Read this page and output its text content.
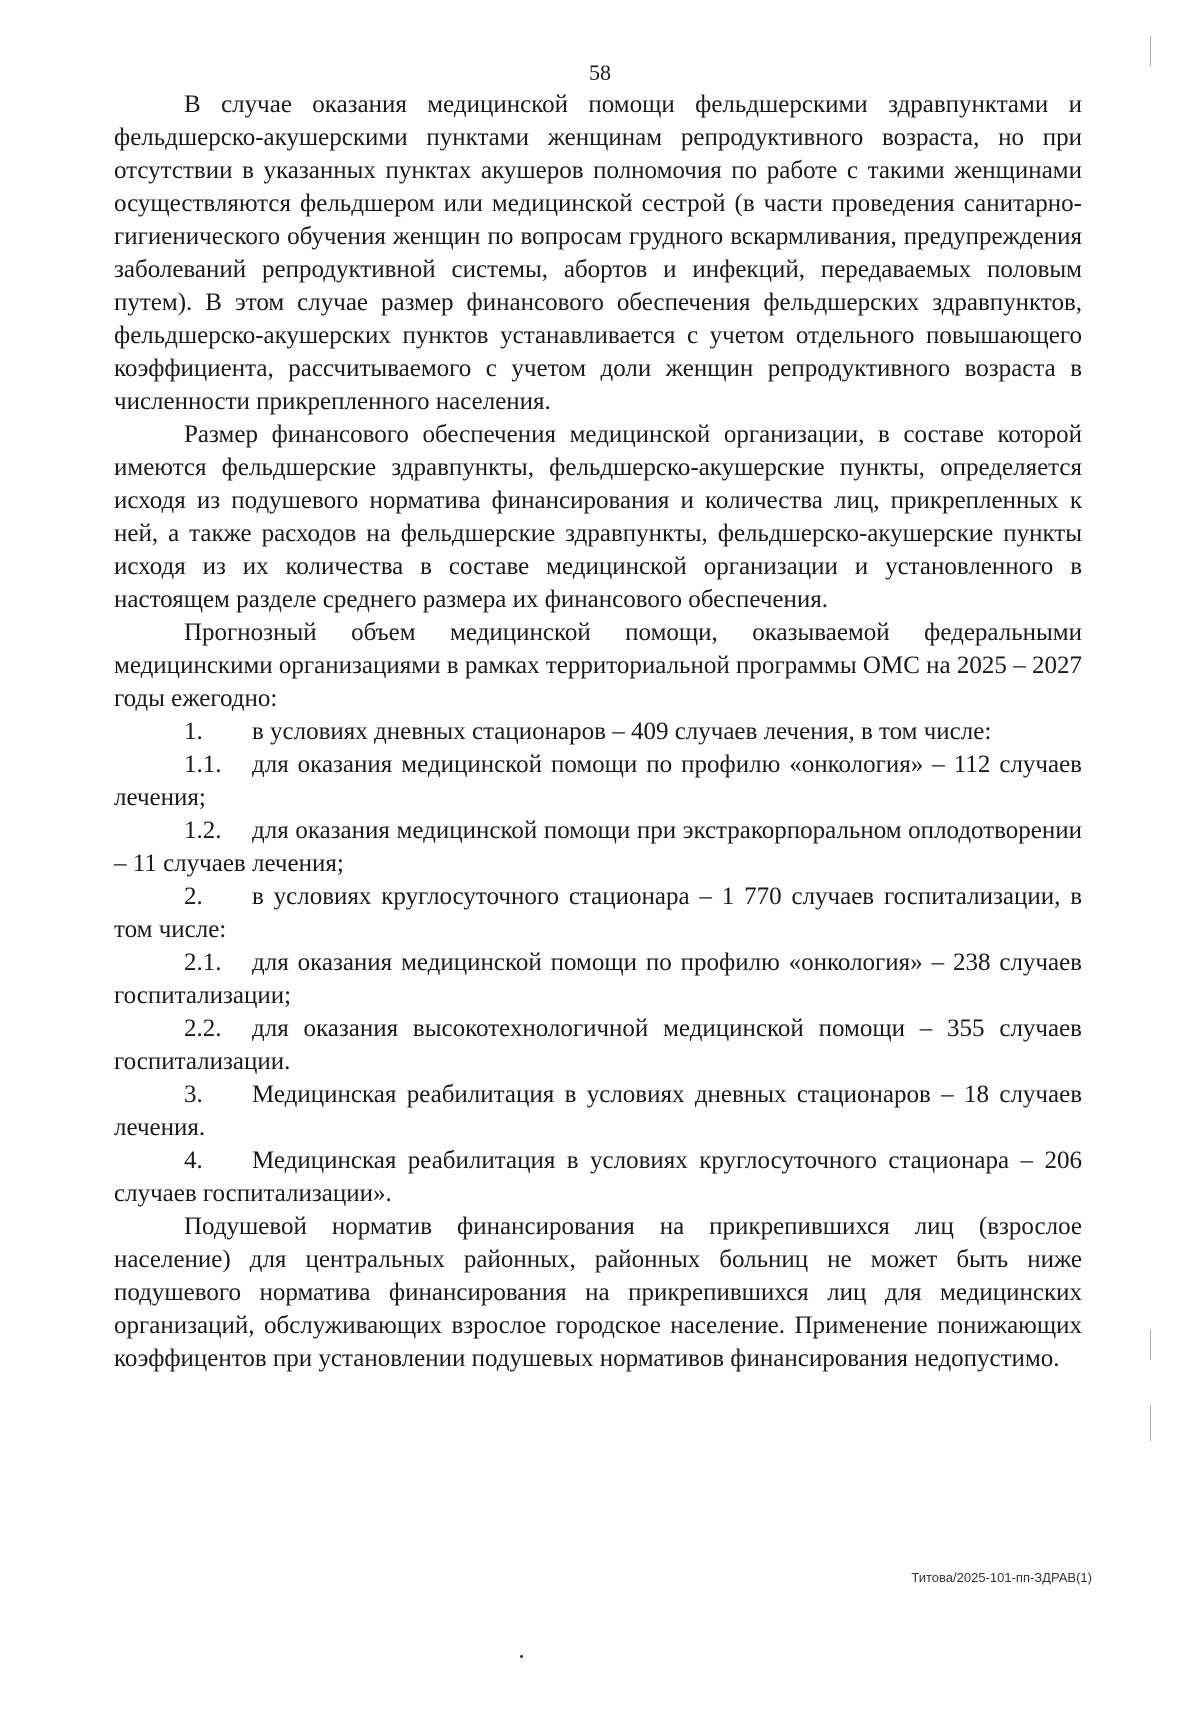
58

В случае оказания медицинской помощи фельдшерскими здравпунктами и фельдшерско-акушерскими пунктами женщинам репродуктивного возраста, но при отсутствии в указанных пунктах акушеров полномочия по работе с такими женщинами осуществляются фельдшером или медицинской сестрой (в части проведения санитарно-гигиенического обучения женщин по вопросам грудного вскармливания, предупреждения заболеваний репродуктивной системы, абортов и инфекций, передаваемых половым путем). В этом случае размер финансового обеспечения фельдшерских здравпунктов, фельдшерско-акушерских пунктов устанавливается с учетом отдельного повышающего коэффициента, рассчитываемого с учетом доли женщин репродуктивного возраста в численности прикрепленного населения.

Размер финансового обеспечения медицинской организации, в составе которой имеются фельдшерские здравпункты, фельдшерско-акушерские пункты, определяется исходя из подушевого норматива финансирования и количества лиц, прикрепленных к ней, а также расходов на фельдшерские здравпункты, фельдшерско-акушерские пункты исходя из их количества в составе медицинской организации и установленного в настоящем разделе среднего размера их финансового обеспечения.

Прогнозный объем медицинской помощи, оказываемой федеральными медицинскими организациями в рамках территориальной программы ОМС на 2025 – 2027 годы ежегодно:

1. в условиях дневных стационаров – 409 случаев лечения, в том числе:

1.1. для оказания медицинской помощи по профилю «онкология» – 112 случаев лечения;

1.2. для оказания медицинской помощи при экстракорпоральном оплодотворении – 11 случаев лечения;

2. в условиях круглосуточного стационара – 1 770 случаев госпитализации, в том числе:

2.1. для оказания медицинской помощи по профилю «онкология» – 238 случаев госпитализации;

2.2. для оказания высокотехнологичной медицинской помощи – 355 случаев госпитализации.

3. Медицинская реабилитация в условиях дневных стационаров – 18 случаев лечения.

4. Медицинская реабилитация в условиях круглосуточного стационара – 206 случаев госпитализации».

Подушевой норматив финансирования на прикрепившихся лиц (взрослое население) для центральных районных, районных больниц не может быть ниже подушевого норматива финансирования на прикрепившихся лиц для медицинских организаций, обслуживающих взрослое городское население. Применение понижающих коэффицентов при установлении подушевых нормативов финансирования недопустимо.

Титова/2025-101-пп-ЗДРАВ(1)
